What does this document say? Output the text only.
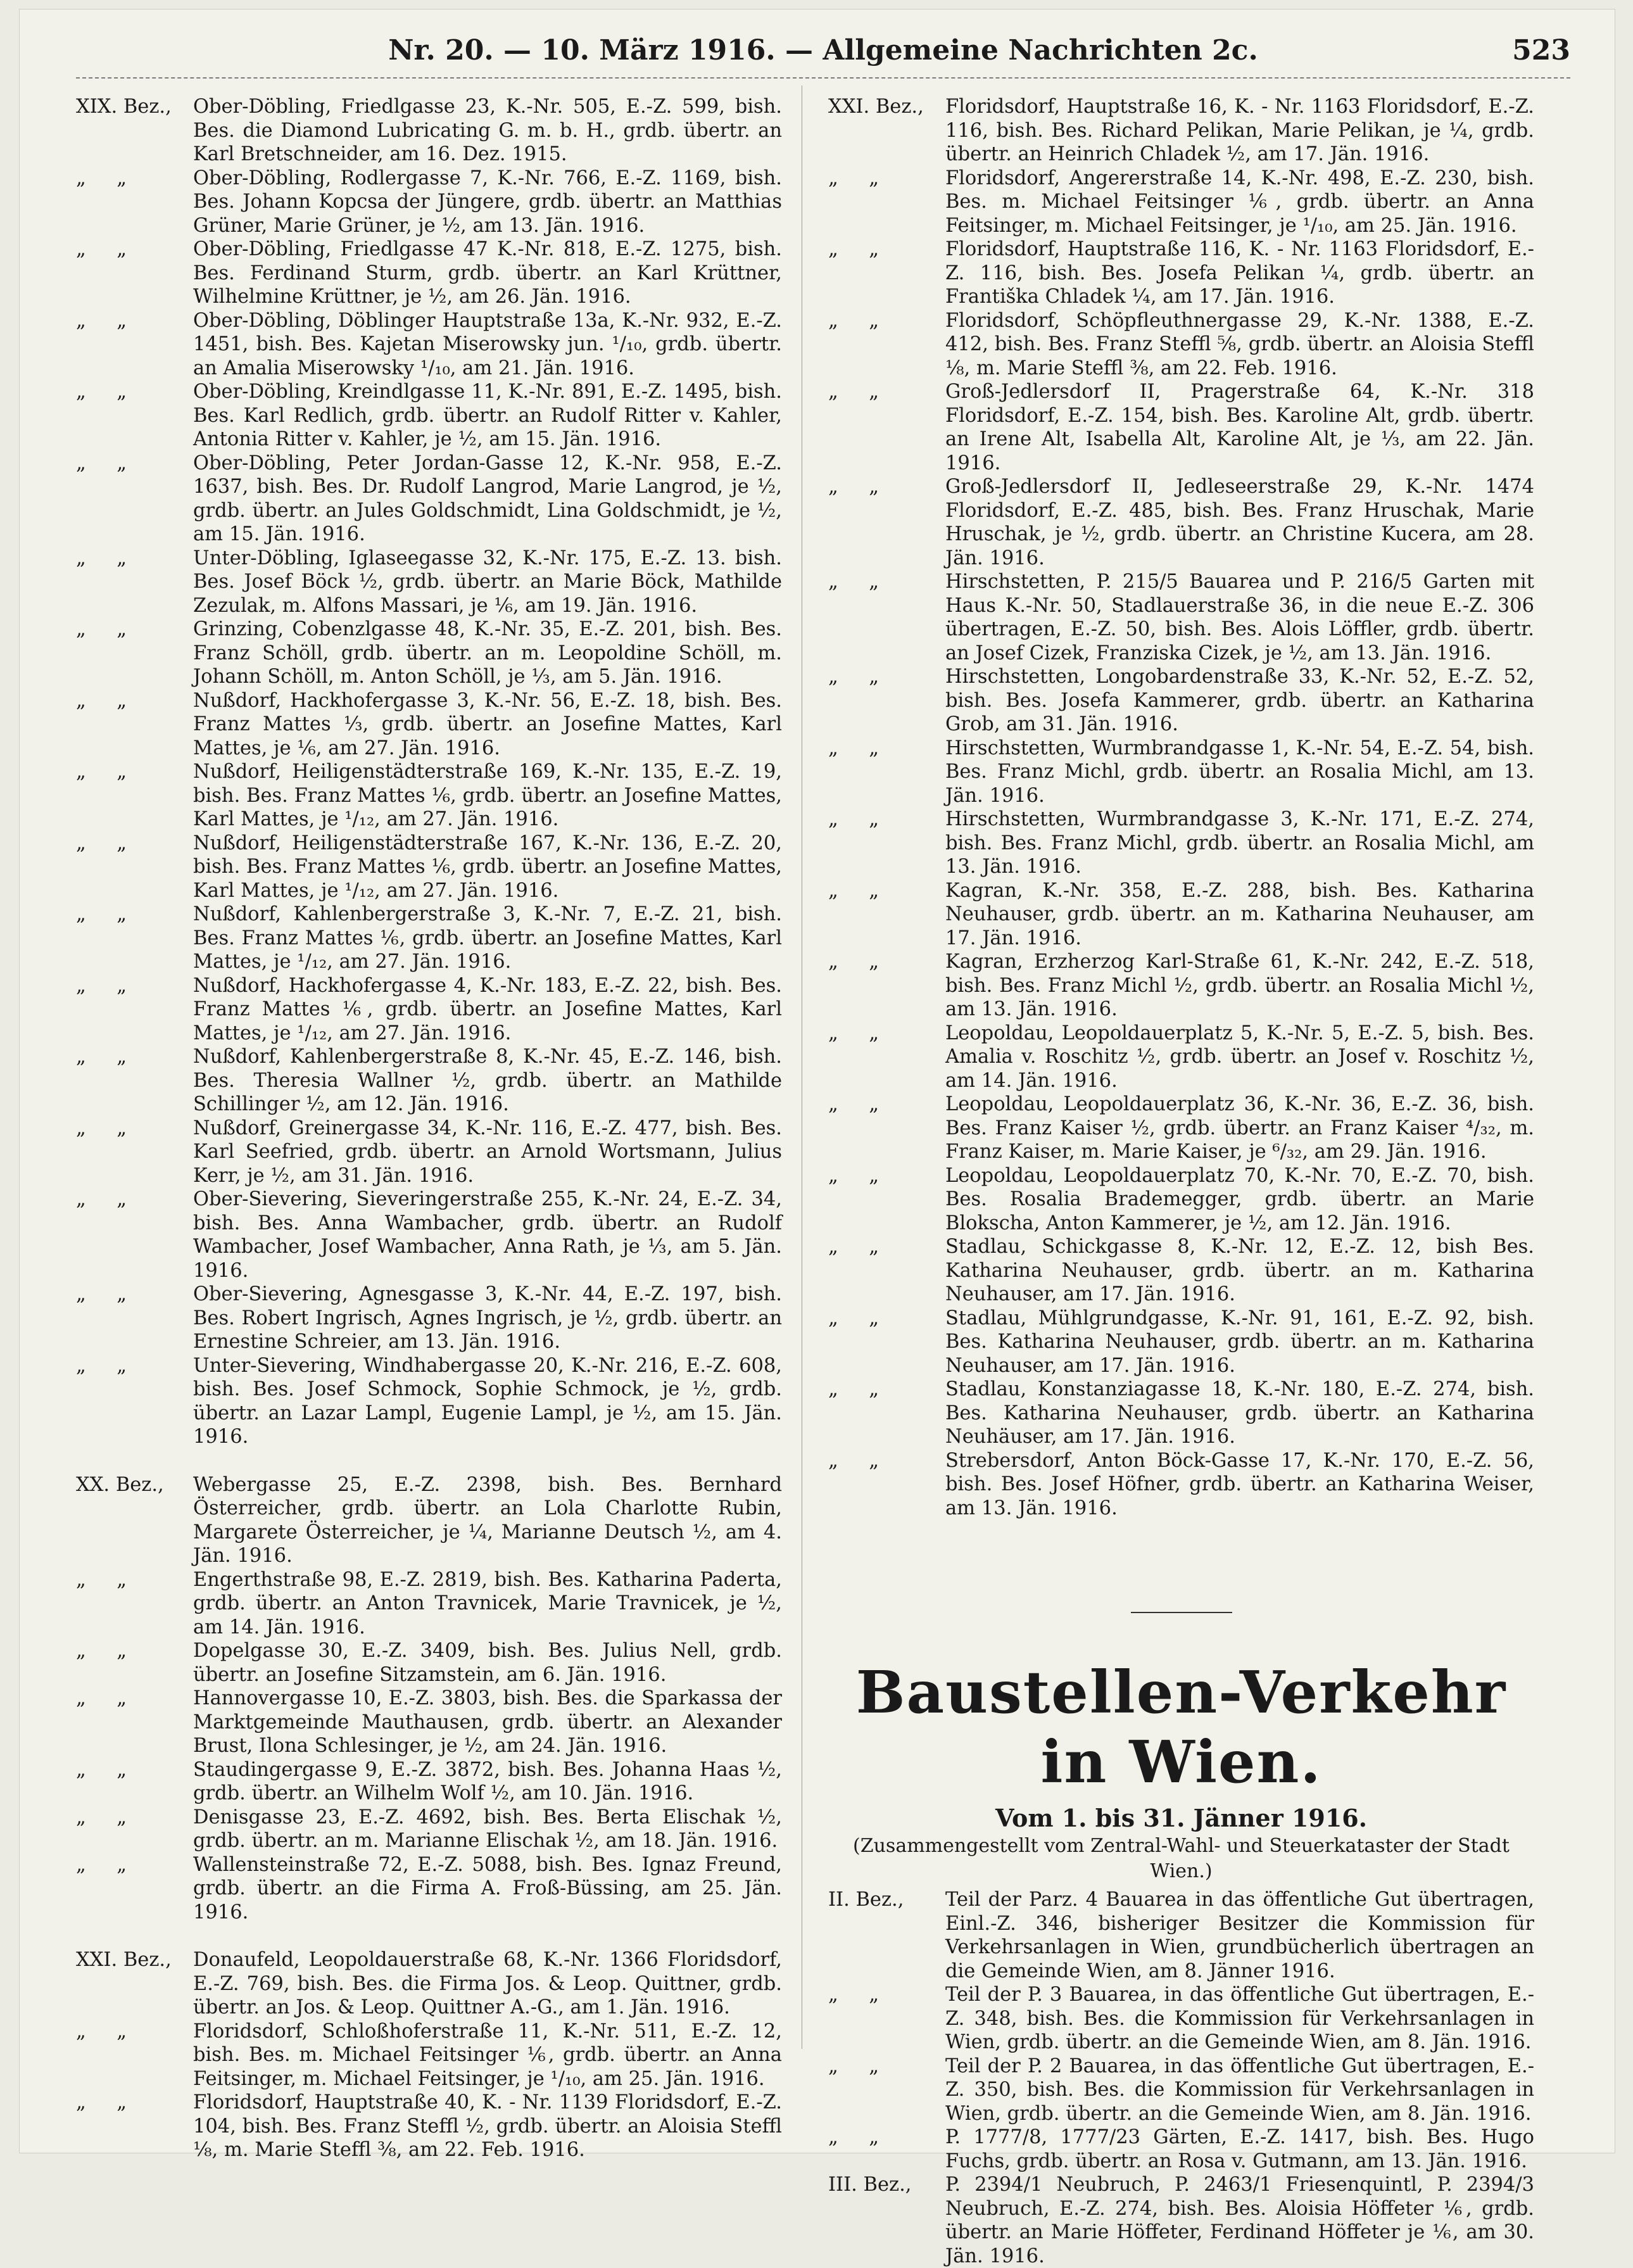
Nr. 20. — 10. März 1916. — Allgemeine Nachrichten 2c.	523
XIX. Bez.,	Ober-Döbling, Friedlgasse 23, K.-Nr. 505, E.-Z. 599, bish. Bes. die Diamond Lubricating G. m. b. H., grdb. übertr. an Karl Bretschneider, am 16. Dez. 1915.
„     „	Ober-Döbling, Rodlergasse 7, K.-Nr. 766, E.-Z. 1169, bish. Bes. Johann Kopcsa der Jüngere, grdb. übertr. an Matthias Grüner, Marie Grüner, je ½, am 13. Jän. 1916.
„     „	Ober-Döbling, Friedlgasse 47 K.-Nr. 818, E.-Z. 1275, bish. Bes. Ferdinand Sturm, grdb. übertr. an Karl Krüttner, Wilhelmine Krüttner, je ½, am 26. Jän. 1916.
„     „	Ober-Döbling, Döblinger Hauptstraße 13a, K.-Nr. 932, E.-Z. 1451, bish. Bes. Kajetan Miserowsky jun. ¹/₁₀, grdb. übertr. an Amalia Miserowsky ¹/₁₀, am 21. Jän. 1916.
„     „	Ober-Döbling, Kreindlgasse 11, K.-Nr. 891, E.-Z. 1495, bish. Bes. Karl Redlich, grdb. übertr. an Rudolf Ritter v. Kahler, Antonia Ritter v. Kahler, je ½, am 15. Jän. 1916.
„     „	Ober-Döbling, Peter Jordan-Gasse 12, K.-Nr. 958, E.-Z. 1637, bish. Bes. Dr. Rudolf Langrod, Marie Langrod, je ½, grdb. übertr. an Jules Goldschmidt, Lina Goldschmidt, je ½, am 15. Jän. 1916.
„     „	Unter-Döbling, Iglaseegasse 32, K.-Nr. 175, E.-Z. 13. bish. Bes. Josef Böck ½, grdb. übertr. an Marie Böck, Mathilde Zezulak, m. Alfons Massari, je ⅙, am 19. Jän. 1916.
„     „	Grinzing, Cobenzlgasse 48, K.-Nr. 35, E.-Z. 201, bish. Bes. Franz Schöll, grdb. übertr. an m. Leopoldine Schöll, m. Johann Schöll, m. Anton Schöll, je ⅓, am 5. Jän. 1916.
„     „	Nußdorf, Hackhofergasse 3, K.-Nr. 56, E.-Z. 18, bish. Bes. Franz Mattes ⅓, grdb. übertr. an Josefine Mattes, Karl Mattes, je ⅙, am 27. Jän. 1916.
„     „	Nußdorf, Heiligenstädterstraße 169, K.-Nr. 135, E.-Z. 19, bish. Bes. Franz Mattes ⅙, grdb. übertr. an Josefine Mattes, Karl Mattes, je ¹/₁₂, am 27. Jän. 1916.
„     „	Nußdorf, Heiligenstädterstraße 167, K.-Nr. 136, E.-Z. 20, bish. Bes. Franz Mattes ⅙, grdb. übertr. an Josefine Mattes, Karl Mattes, je ¹/₁₂, am 27. Jän. 1916.
„     „	Nußdorf, Kahlenbergerstraße 3, K.-Nr. 7, E.-Z. 21, bish. Bes. Franz Mattes ⅙, grdb. übertr. an Josefine Mattes, Karl Mattes, je ¹/₁₂, am 27. Jän. 1916.
„     „	Nußdorf, Hackhofergasse 4, K.-Nr. 183, E.-Z. 22, bish. Bes. Franz Mattes ⅙, grdb. übertr. an Josefine Mattes, Karl Mattes, je ¹/₁₂, am 27. Jän. 1916.
„     „	Nußdorf, Kahlenbergerstraße 8, K.-Nr. 45, E.-Z. 146, bish. Bes. Theresia Wallner ½, grdb. übertr. an Mathilde Schillinger ½, am 12. Jän. 1916.
„     „	Nußdorf, Greinergasse 34, K.-Nr. 116, E.-Z. 477, bish. Bes. Karl Seefried, grdb. übertr. an Arnold Wortsmann, Julius Kerr, je ½, am 31. Jän. 1916.
„     „	Ober-Sievering, Sieveringerstraße 255, K.-Nr. 24, E.-Z. 34, bish. Bes. Anna Wambacher, grdb. übertr. an Rudolf Wambacher, Josef Wambacher, Anna Rath, je ⅓, am 5. Jän. 1916.
„     „	Ober-Sievering, Agnesgasse 3, K.-Nr. 44, E.-Z. 197, bish. Bes. Robert Ingrisch, Agnes Ingrisch, je ½, grdb. übertr. an Ernestine Schreier, am 13. Jän. 1916.
„     „	Unter-Sievering, Windhabergasse 20, K.-Nr. 216, E.-Z. 608, bish. Bes. Josef Schmock, Sophie Schmock, je ½, grdb. übertr. an Lazar Lampl, Eugenie Lampl, je ½, am 15. Jän. 1916.
XX. Bez.,	Webergasse 25, E.-Z. 2398, bish. Bes. Bernhard Österreicher, grdb. übertr. an Lola Charlotte Rubin, Margarete Österreicher, je ¼, Marianne Deutsch ½, am 4. Jän. 1916.
„     „	Engerthstraße 98, E.-Z. 2819, bish. Bes. Katharina Paderta, grdb. übertr. an Anton Travnicek, Marie Travnicek, je ½, am 14. Jän. 1916.
„     „	Dopelgasse 30, E.-Z. 3409, bish. Bes. Julius Nell, grdb. übertr. an Josefine Sitzamstein, am 6. Jän. 1916.
„     „	Hannovergasse 10, E.-Z. 3803, bish. Bes. die Sparkassa der Marktgemeinde Mauthausen, grdb. übertr. an Alexander Brust, Ilona Schlesinger, je ½, am 24. Jän. 1916.
„     „	Staudingergasse 9, E.-Z. 3872, bish. Bes. Johanna Haas ½, grdb. übertr. an Wilhelm Wolf ½, am 10. Jän. 1916.
„     „	Denisgasse 23, E.-Z. 4692, bish. Bes. Berta Elischak ½, grdb. übertr. an m. Marianne Elischak ½, am 18. Jän. 1916.
„     „	Wallensteinstraße 72, E.-Z. 5088, bish. Bes. Ignaz Freund, grdb. übertr. an die Firma A. Froß-Büssing, am 25. Jän. 1916.
XXI. Bez.,	Donaufeld, Leopoldauerstraße 68, K.-Nr. 1366 Floridsdorf, E.-Z. 769, bish. Bes. die Firma Jos. & Leop. Quittner, grdb. übertr. an Jos. & Leop. Quittner A.-G., am 1. Jän. 1916.
„     „	Floridsdorf, Schloßhoferstraße 11, K.-Nr. 511, E.-Z. 12, bish. Bes. m. Michael Feitsinger ⅙, grdb. übertr. an Anna Feitsinger, m. Michael Feitsinger, je ¹/₁₀, am 25. Jän. 1916.
„     „	Floridsdorf, Hauptstraße 40, K. - Nr. 1139 Floridsdorf, E.-Z. 104, bish. Bes. Franz Steffl ½, grdb. übertr. an Aloisia Steffl ⅛, m. Marie Steffl ⅜, am 22. Feb. 1916.
XXI. Bez.,	Floridsdorf, Hauptstraße 16, K. - Nr. 1163 Floridsdorf, E.-Z. 116, bish. Bes. Richard Pelikan, Marie Pelikan, je ¼, grdb. übertr. an Heinrich Chladek ½, am 17. Jän. 1916.
„     „	Floridsdorf, Angererstraße 14, K.-Nr. 498, E.-Z. 230, bish. Bes. m. Michael Feitsinger ⅙, grdb. übertr. an Anna Feitsinger, m. Michael Feitsinger, je ¹/₁₀, am 25. Jän. 1916.
„     „	Floridsdorf, Hauptstraße 116, K. - Nr. 1163 Floridsdorf, E.-Z. 116, bish. Bes. Josefa Pelikan ¼, grdb. übertr. an Františka Chladek ¼, am 17. Jän. 1916.
„     „	Floridsdorf, Schöpfleuthnergasse 29, K.-Nr. 1388, E.-Z. 412, bish. Bes. Franz Steffl ⅝, grdb. übertr. an Aloisia Steffl ⅛, m. Marie Steffl ⅜, am 22. Feb. 1916.
„     „	Groß-Jedlersdorf II, Pragerstraße 64, K.-Nr. 318 Floridsdorf, E.-Z. 154, bish. Bes. Karoline Alt, grdb. übertr. an Irene Alt, Isabella Alt, Karoline Alt, je ⅓, am 22. Jän. 1916.
„     „	Groß-Jedlersdorf II, Jedleseerstraße 29, K.-Nr. 1474 Floridsdorf, E.-Z. 485, bish. Bes. Franz Hruschak, Marie Hruschak, je ½, grdb. übertr. an Christine Kucera, am 28. Jän. 1916.
„     „	Hirschstetten, P. 215/5 Bauarea und P. 216/5 Garten mit Haus K.-Nr. 50, Stadlauerstraße 36, in die neue E.-Z. 306 übertragen, E.-Z. 50, bish. Bes. Alois Löffler, grdb. übertr. an Josef Cizek, Franziska Cizek, je ½, am 13. Jän. 1916.
„     „	Hirschstetten, Longobardenstraße 33, K.-Nr. 52, E.-Z. 52, bish. Bes. Josefa Kammerer, grdb. übertr. an Katharina Grob, am 31. Jän. 1916.
„     „	Hirschstetten, Wurmbrandgasse 1, K.-Nr. 54, E.-Z. 54, bish. Bes. Franz Michl, grdb. übertr. an Rosalia Michl, am 13. Jän. 1916.
„     „	Hirschstetten, Wurmbrandgasse 3, K.-Nr. 171, E.-Z. 274, bish. Bes. Franz Michl, grdb. übertr. an Rosalia Michl, am 13. Jän. 1916.
„     „	Kagran, K.-Nr. 358, E.-Z. 288, bish. Bes. Katharina Neuhauser, grdb. übertr. an m. Katharina Neuhauser, am 17. Jän. 1916.
„     „	Kagran, Erzherzog Karl-Straße 61, K.-Nr. 242, E.-Z. 518, bish. Bes. Franz Michl ½, grdb. übertr. an Rosalia Michl ½, am 13. Jän. 1916.
„     „	Leopoldau, Leopoldauerplatz 5, K.-Nr. 5, E.-Z. 5, bish. Bes. Amalia v. Roschitz ½, grdb. übertr. an Josef v. Roschitz ½, am 14. Jän. 1916.
„     „	Leopoldau, Leopoldauerplatz 36, K.-Nr. 36, E.-Z. 36, bish. Bes. Franz Kaiser ½, grdb. übertr. an Franz Kaiser ⁴/₃₂, m. Franz Kaiser, m. Marie Kaiser, je ⁶/₃₂, am 29. Jän. 1916.
„     „	Leopoldau, Leopoldauerplatz 70, K.-Nr. 70, E.-Z. 70, bish. Bes. Rosalia Brademegger, grdb. übertr. an Marie Blokscha, Anton Kammerer, je ½, am 12. Jän. 1916.
„     „	Stadlau, Schickgasse 8, K.-Nr. 12, E.-Z. 12, bish Bes. Katharina Neuhauser, grdb. übertr. an m. Katharina Neuhauser, am 17. Jän. 1916.
„     „	Stadlau, Mühlgrundgasse, K.-Nr. 91, 161, E.-Z. 92, bish. Bes. Katharina Neuhauser, grdb. übertr. an m. Katharina Neuhauser, am 17. Jän. 1916.
„     „	Stadlau, Konstanziagasse 18, K.-Nr. 180, E.-Z. 274, bish. Bes. Katharina Neuhauser, grdb. übertr. an Katharina Neuhäuser, am 17. Jän. 1916.
„     „	Strebersdorf, Anton Böck-Gasse 17, K.-Nr. 170, E.-Z. 56, bish. Bes. Josef Höfner, grdb. übertr. an Katharina Weiser, am 13. Jän. 1916.
Baustellen-Verkehr in Wien.
Vom 1. bis 31. Jänner 1916.
(Zusammengestellt vom Zentral-Wahl- und Steuerkataster der Stadt Wien.)
II. Bez.,	Teil der Parz. 4 Bauarea in das öffentliche Gut übertragen, Einl.-Z. 346, bisheriger Besitzer die Kommission für Verkehrsanlagen in Wien, grundbücherlich übertragen an die Gemeinde Wien, am 8. Jänner 1916.
„     „	Teil der P. 3 Bauarea, in das öffentliche Gut übertragen, E.-Z. 348, bish. Bes. die Kommission für Verkehrsanlagen in Wien, grdb. übertr. an die Gemeinde Wien, am 8. Jän. 1916.
„     „	Teil der P. 2 Bauarea, in das öffentliche Gut übertragen, E.-Z. 350, bish. Bes. die Kommission für Verkehrsanlagen in Wien, grdb. übertr. an die Gemeinde Wien, am 8. Jän. 1916.
„     „	P. 1777/8, 1777/23 Gärten, E.-Z. 1417, bish. Bes. Hugo Fuchs, grdb. übertr. an Rosa v. Gutmann, am 13. Jän. 1916.
III. Bez.,	P. 2394/1 Neubruch, P. 2463/1 Friesenquintl, P. 2394/3 Neubruch, E.-Z. 274, bish. Bes. Aloisia Höffeter ⅙, grdb. übertr. an Marie Höffeter, Ferdinand Höffeter je ⅙, am 30. Jän. 1916.
